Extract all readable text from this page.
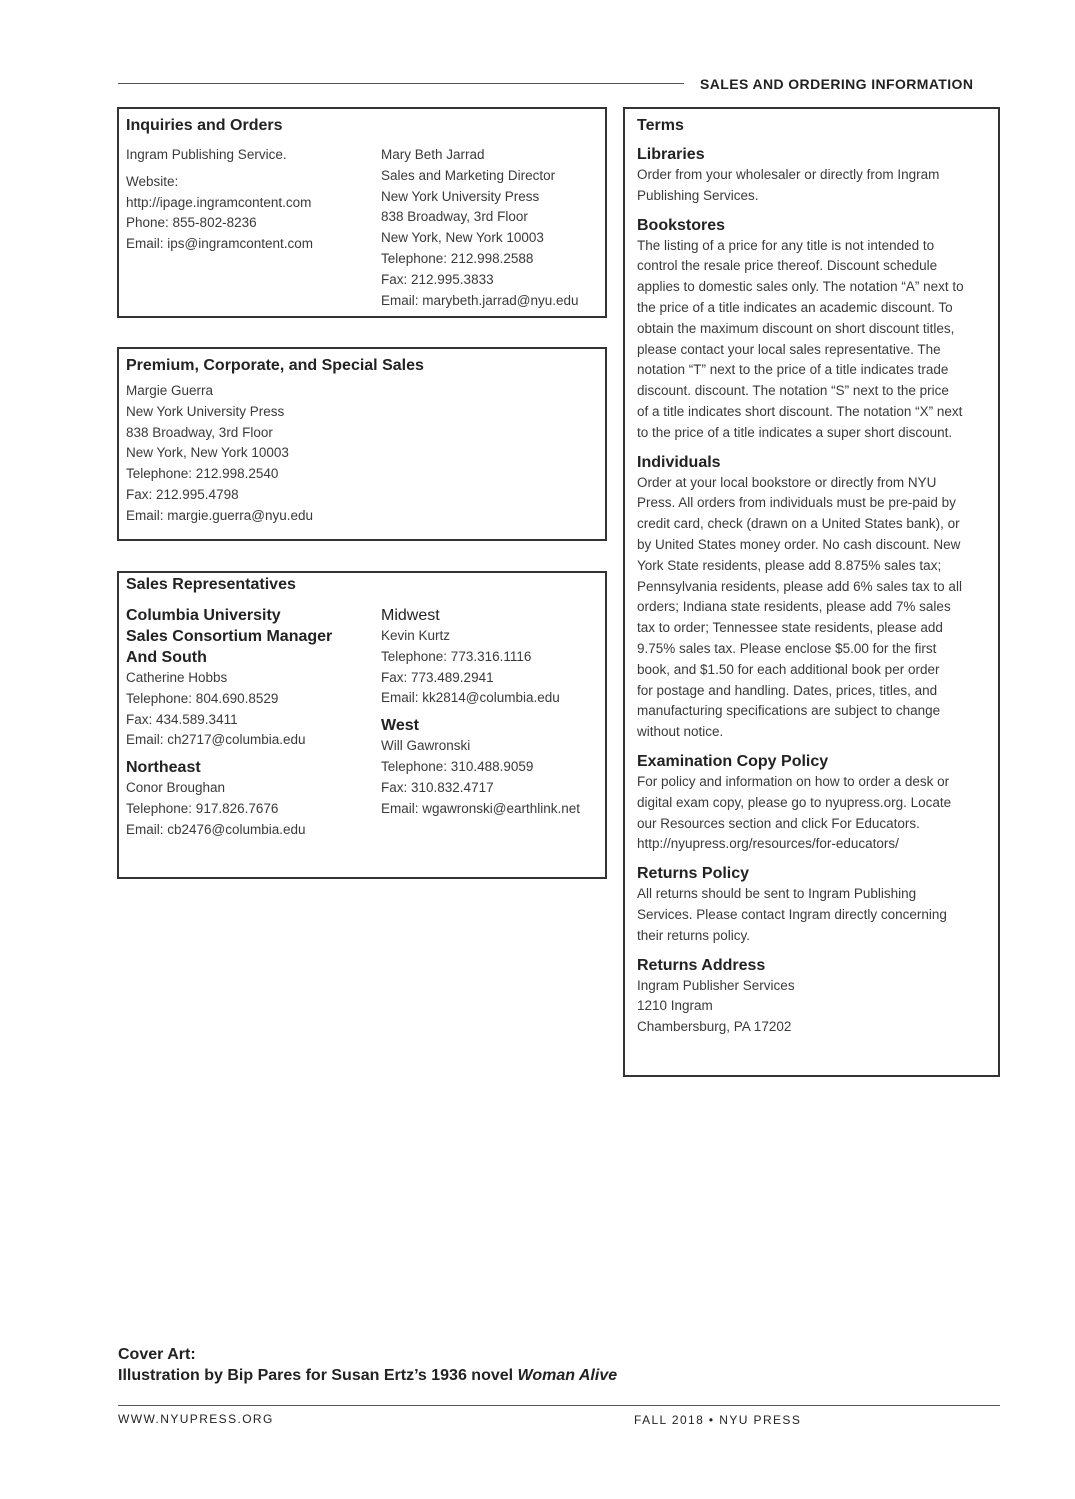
SALES AND ORDERING INFORMATION

Inquiries and Orders

Ingram Publishing Service.

Website:

http://ipage.ingramcontent.com

Phone: 855-802-8236

Email: ips@ingramcontent.com

Mary Beth Jarrad

Sales and Marketing Director

New York University Press

838 Broadway, 3rd Floor

New York, New York 10003

Telephone: 212.998.2588

Fax: 212.995.3833

Email: marybeth.jarrad@nyu.edu

Premium, Corporate, and Special Sales

Margie Guerra

New York University Press

838 Broadway, 3rd Floor

New York, New York 10003

Telephone: 212.998.2540

Fax: 212.995.4798

Email: margie.guerra@nyu.edu

Sales Representatives

Columbia University

Sales Consortium Manager

And South

Catherine Hobbs

Telephone: 804.690.8529

Fax: 434.589.3411

Email: ch2717@columbia.edu

Northeast

Conor Broughan

Telephone: 917.826.7676

Email: cb2476@columbia.edu

Midwest

Kevin Kurtz

Telephone: 773.316.1116

Fax: 773.489.2941

Email: kk2814@columbia.edu

West

Will Gawronski

Telephone: 310.488.9059

Fax: 310.832.4717

Email: wgawronski@earthlink.net

Terms

Libraries

Order from your wholesaler or directly from Ingram

Publishing Services.

Bookstores

The listing of a price for any title is not intended to

control the resale price thereof. Discount schedule

applies to domestic sales only. The notation “A” next to

the price of a title indicates an academic discount. To

obtain the maximum discount on short discount titles,

please contact your local sales representative. The

notation “T” next to the price of a title indicates trade

discount. discount. The notation “S” next to the price

of a title indicates short discount. The notation “X” next

to the price of a title indicates a super short discount.

Individuals

Order at your local bookstore or directly from NYU

Press. All orders from individuals must be pre-paid by

credit card, check (drawn on a United States bank), or

by United States money order. No cash discount. New

York State residents, please add 8.875% sales tax;

Pennsylvania residents, please add 6% sales tax to all

orders; Indiana state residents, please add 7% sales

tax to order; Tennessee state residents, please add

9.75% sales tax. Please enclose $5.00 for the first

book, and $1.50 for each additional book per order

for postage and handling. Dates, prices, titles, and

manufacturing specifications are subject to change

without notice.

Examination Copy Policy

For policy and information on how to order a desk or

digital exam copy, please go to nyupress.org. Locate

our Resources section and click For Educators.

http://nyupress.org/resources/for-educators/

Returns Policy

All returns should be sent to Ingram Publishing

Services. Please contact Ingram directly concerning

their returns policy.

Returns Address

Ingram Publisher Services

1210 Ingram

Chambersburg, PA 17202

Cover Art:
Illustration by Bip Pares for Susan Ertz’s 1936 novel Woman Alive
WWW.NYUPRESS.ORG	FALL 2018 • NYU PRESS
